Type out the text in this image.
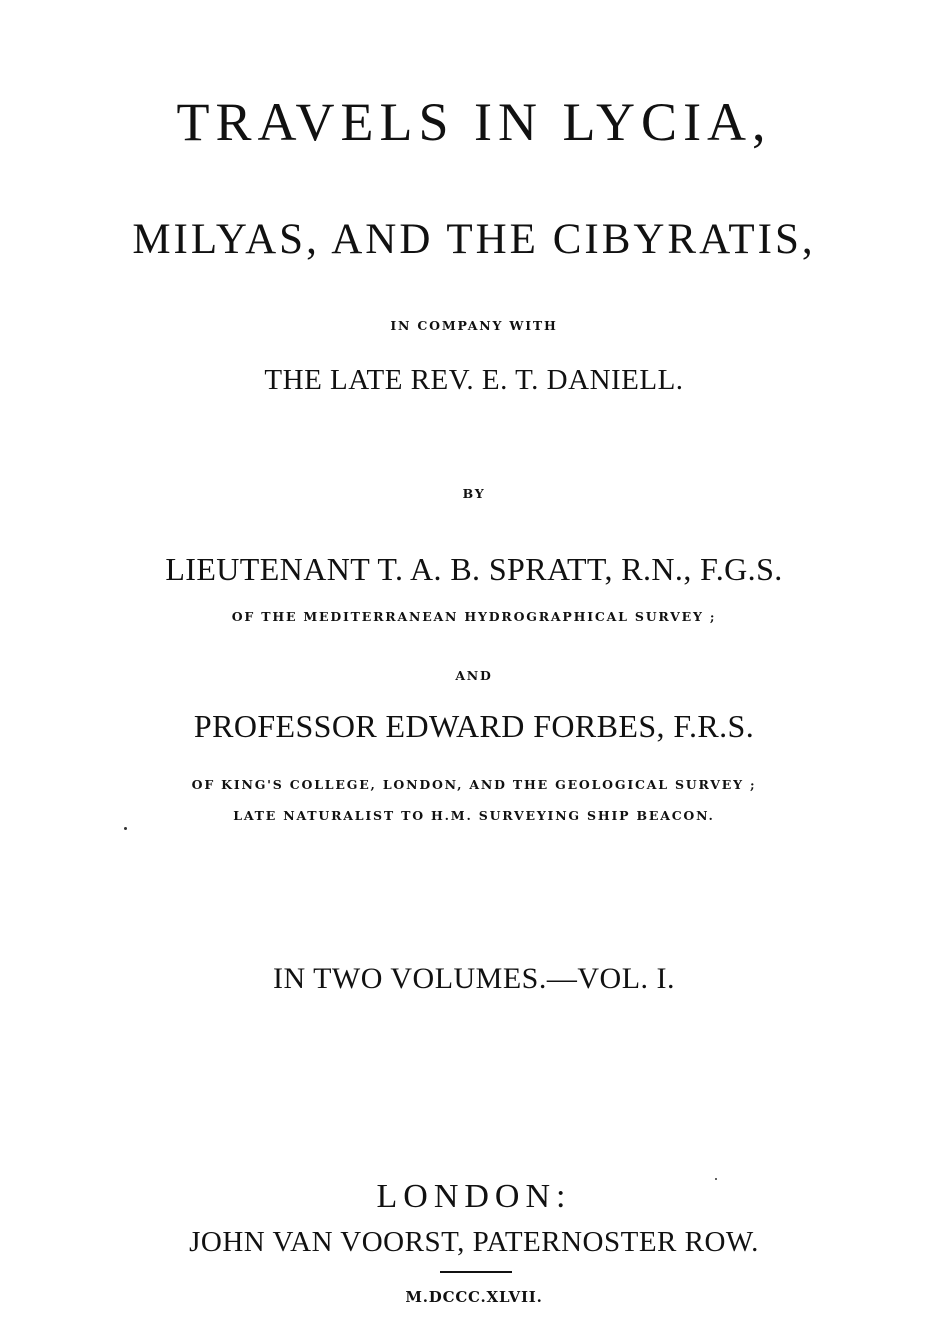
TRAVELS IN LYCIA,
MILYAS, AND THE CIBYRATIS,
IN COMPANY WITH
THE LATE REV. E. T. DANIELL.
BY
LIEUTENANT T. A. B. SPRATT, R.N., F.G.S.
OF THE MEDITERRANEAN HYDROGRAPHICAL SURVEY ;
AND
PROFESSOR EDWARD FORBES, F.R.S.
OF KING'S COLLEGE, LONDON, AND THE GEOLOGICAL SURVEY ;
LATE NATURALIST TO H.M. SURVEYING SHIP BEACON.
IN TWO VOLUMES.—VOL. I.
LONDON:
JOHN VAN VOORST, PATERNOSTER ROW.
M.DCCC.XLVII.
